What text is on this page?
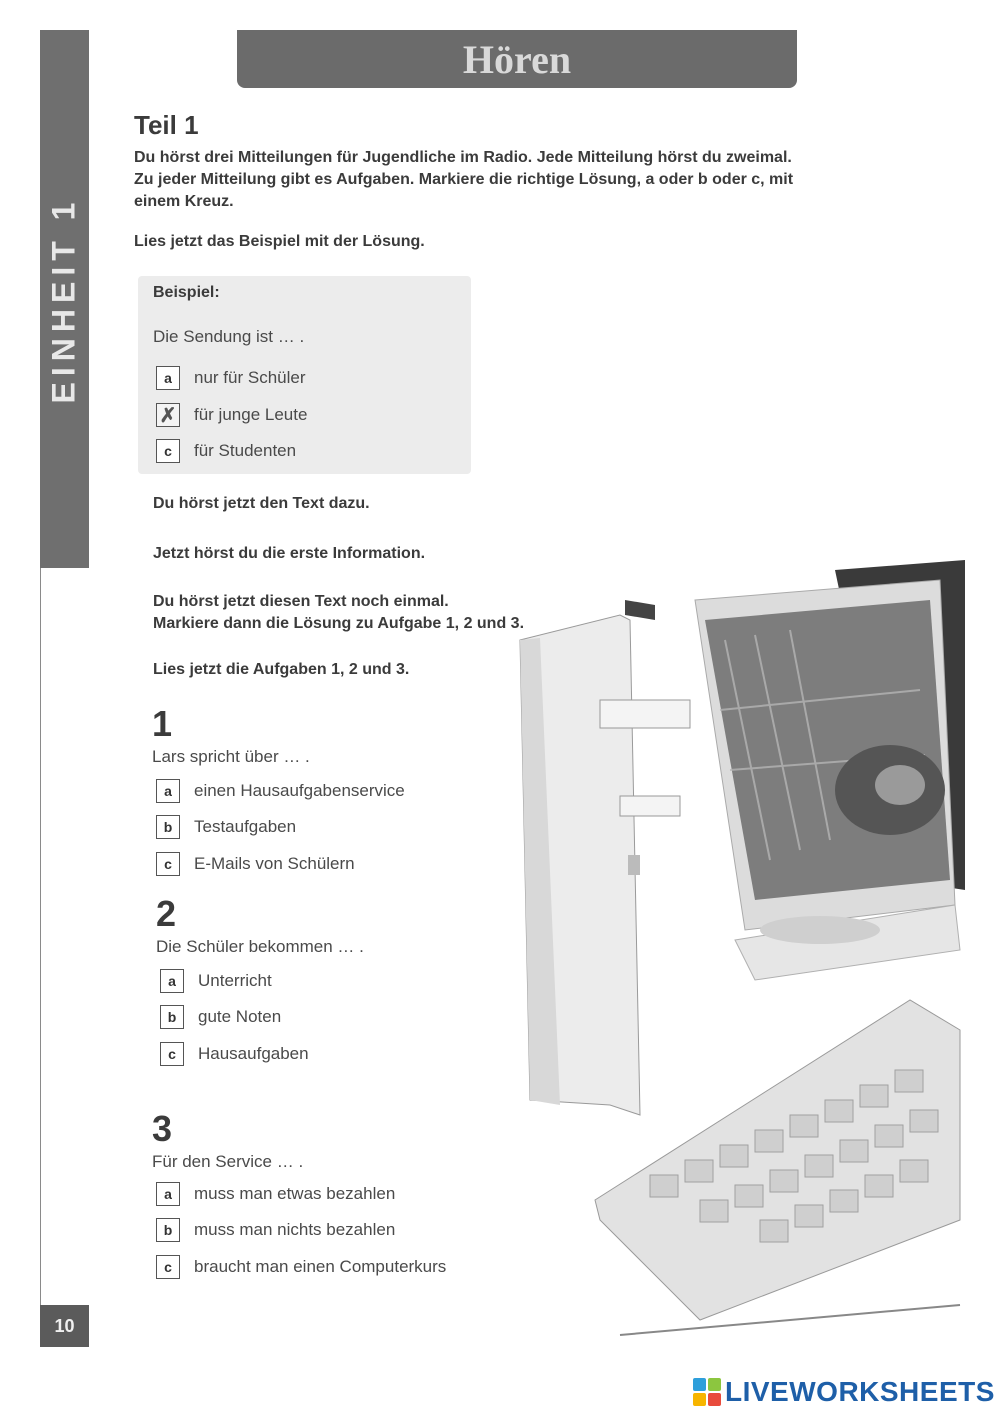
EINHEIT 1
10
Hören
Teil 1
Du hörst drei Mitteilungen für Jugendliche im Radio. Jede Mitteilung hörst du zweimal.
Zu jeder Mitteilung gibt es Aufgaben. Markiere die richtige Lösung, a oder b oder c, mit
einem Kreuz.
Lies jetzt das Beispiel mit der Lösung.
Beispiel:
Die Sendung ist … .
a	nur für Schüler
✗ für junge Leute
c	für Studenten
Du hörst jetzt den Text dazu.
Jetzt hörst du die erste Information.
Du hörst jetzt diesen Text noch einmal.
Markiere dann die Lösung zu Aufgabe 1, 2 und 3.
Lies jetzt die Aufgaben 1, 2 und 3.
1
Lars spricht über … .
a	einen Hausaufgabenservice
b	Testaufgaben
c	E-Mails von Schülern
2
Die Schüler bekommen … .
a	Unterricht
b	gute Noten
c	Hausaufgaben
3
Für den Service … .
a	muss man etwas bezahlen
b	muss man nichts bezahlen
c	braucht man einen Computerkurs
LIVEWORKSHEETS
